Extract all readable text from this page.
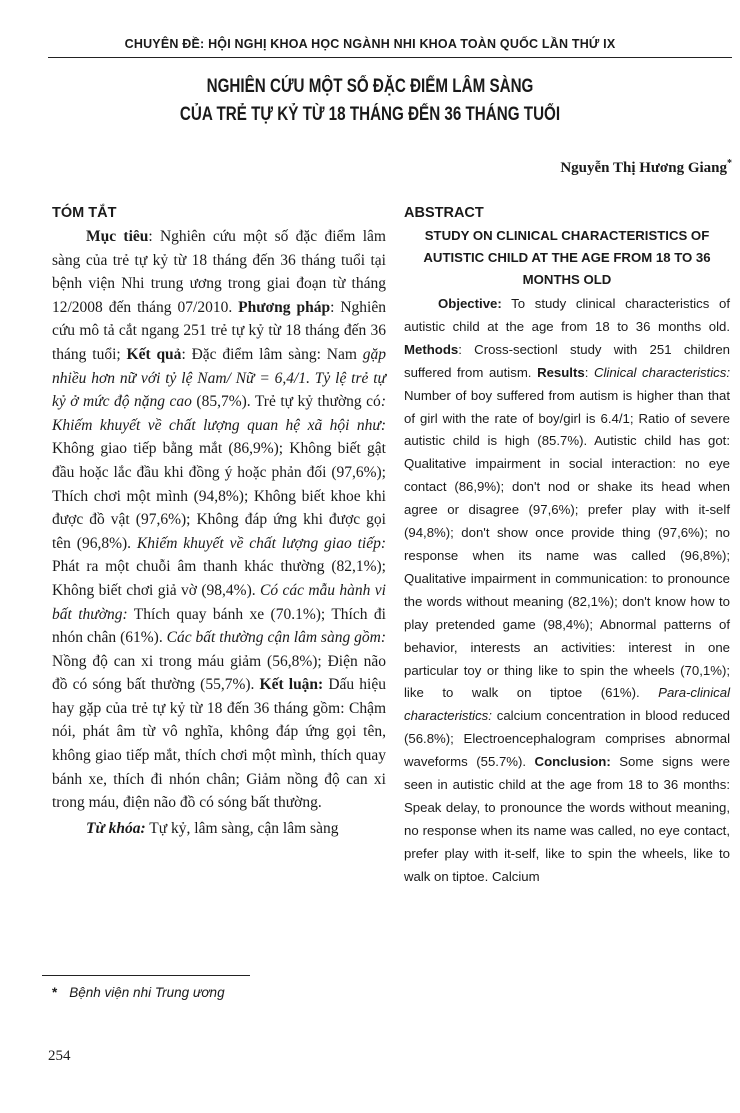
CHUYÊN ĐỀ: HỘI NGHỊ KHOA HỌC NGÀNH NHI KHOA TOÀN QUỐC LẦN THỨ IX
NGHIÊN CỨU MỘT SỐ ĐẶC ĐIỂM LÂM SÀNG
CỦA TRẺ TỰ KỶ TỪ 18 THÁNG ĐẾN 36 THÁNG TUỔI
Nguyễn Thị Hương Giang*
TÓM TẮT

Mục tiêu: Nghiên cứu một số đặc điểm lâm sàng của trẻ tự kỷ từ 18 tháng đến 36 tháng tuổi tại bệnh viện Nhi trung ương trong giai đoạn từ tháng 12/2008 đến tháng 07/2010. Phương pháp: Nghiên cứu mô tả cắt ngang 251 trẻ tự kỷ từ 18 tháng đến 36 tháng tuổi; Kết quả: Đặc điểm lâm sàng: Nam gặp nhiều hơn nữ với tỷ lệ Nam/ Nữ = 6,4/1. Tỷ lệ trẻ tự kỷ ở mức độ nặng cao (85,7%). Trẻ tự kỷ thường có: Khiếm khuyết về chất lượng quan hệ xã hội như: Không giao tiếp bằng mắt (86,9%); Không biết gật đầu hoặc lắc đầu khi đồng ý hoặc phản đối (97,6%); Thích chơi một mình (94,8%); Không biết khoe khi được đồ vật (97,6%); Không đáp ứng khi được gọi tên (96,8%). Khiếm khuyết về chất lượng giao tiếp: Phát ra một chuỗi âm thanh khác thường (82,1%); Không biết chơi giả vờ (98,4%). Có các mẫu hành vi bất thường: Thích quay bánh xe (70.1%); Thích đi nhón chân (61%). Các bất thường cận lâm sàng gồm: Nồng độ can xi trong máu giảm (56,8%); Điện não đồ có sóng bất thường (55,7%). Kết luận: Dấu hiệu hay gặp của trẻ tự kỷ từ 18 đến 36 tháng gồm: Chậm nói, phát âm từ vô nghĩa, không đáp ứng gọi tên, không giao tiếp mắt, thích chơi một mình, thích quay bánh xe, thích đi nhón chân; Giảm nồng độ can xi trong máu, điện não đồ có sóng bất thường.

Từ khóa: Tự kỷ, lâm sàng, cận lâm sàng

ABSTRACT
STUDY ON CLINICAL CHARACTERISTICS OF AUTISTIC CHILD AT THE AGE FROM 18 TO 36 MONTHS OLD

Objective: To study clinical characteristics of autistic child at the age from 18 to 36 months old. Methods: Cross-sectionl study with 251 children suffered from autism. Results: Clinical characteristics: Number of boy suffered from autism is higher than that of girl with the rate of boy/girl is 6.4/1; Ratio of severe autistic child is high (85.7%). Autistic child has got: Qualitative impairment in social interaction: no eye contact (86,9%); don't nod or shake its head when agree or disagree (97,6%); prefer play with it-self (94,8%); don't show once provide thing (97,6%); no response when its name was called (96,8%); Qualitative impairment in communication: to pronounce the words without meaning (82,1%); don't know how to play pretended game (98,4%); Abnormal patterns of behavior, interests an activities: interest in one particular toy or thing like to spin the wheels (70,1%); like to walk on tiptoe (61%). Para-clinical characteristics: calcium concentration in blood reduced (56.8%); Electroencephalogram comprises abnormal waveforms (55.7%). Conclusion: Some signs were seen in autistic child at the age from 18 to 36 months: Speak delay, to pronounce the words without meaning, no response when its name was called, no eye contact, prefer play with it-self, like to spin the wheels, like to walk on tiptoe. Calcium

* Bệnh viện nhi Trung ương
254
